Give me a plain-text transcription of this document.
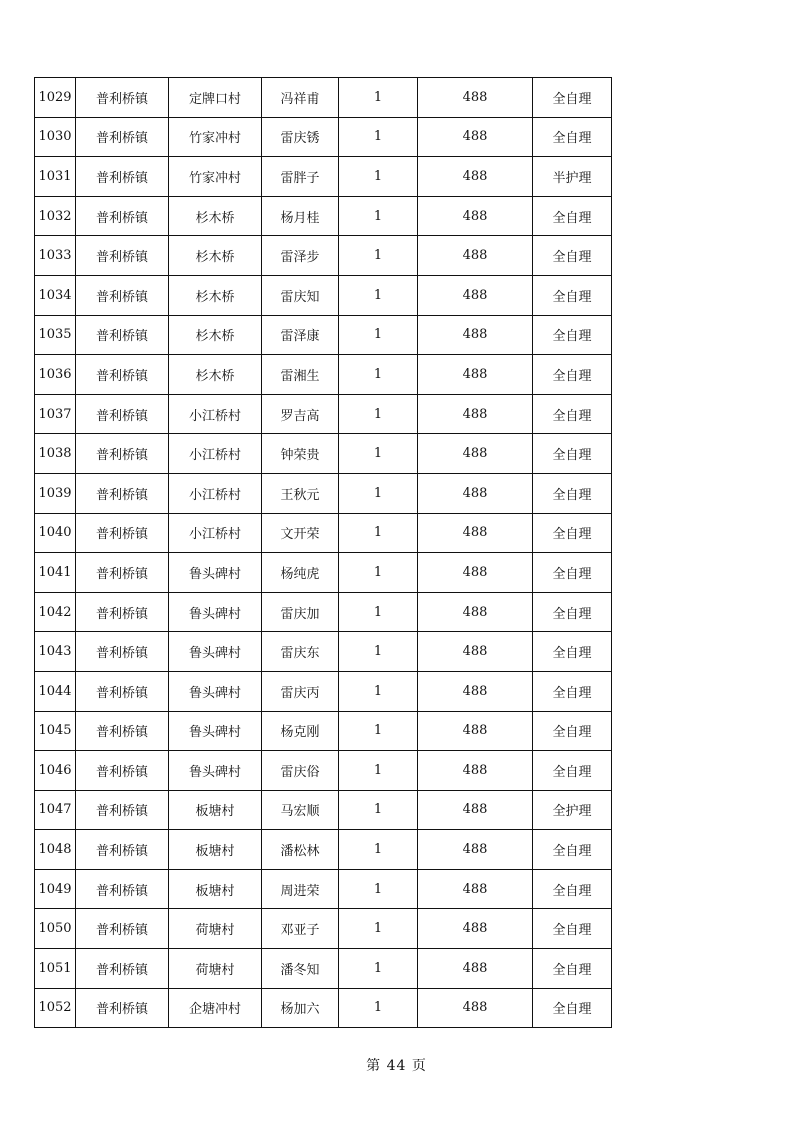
1029	普利桥镇	定牌口村	冯祥甫	1	488	全自理
1030	普利桥镇	竹家冲村	雷庆锈	1	488	全自理
1031	普利桥镇	竹家冲村	雷胖子	1	488	半护理
1032	普利桥镇	杉木桥	杨月桂	1	488	全自理
1033	普利桥镇	杉木桥	雷泽步	1	488	全自理
1034	普利桥镇	杉木桥	雷庆知	1	488	全自理
1035	普利桥镇	杉木桥	雷泽康	1	488	全自理
1036	普利桥镇	杉木桥	雷湘生	1	488	全自理
1037	普利桥镇	小江桥村	罗吉高	1	488	全自理
1038	普利桥镇	小江桥村	钟荣贵	1	488	全自理
1039	普利桥镇	小江桥村	王秋元	1	488	全自理
1040	普利桥镇	小江桥村	文开荣	1	488	全自理
1041	普利桥镇	鲁头碑村	杨纯虎	1	488	全自理
1042	普利桥镇	鲁头碑村	雷庆加	1	488	全自理
1043	普利桥镇	鲁头碑村	雷庆东	1	488	全自理
1044	普利桥镇	鲁头碑村	雷庆丙	1	488	全自理
1045	普利桥镇	鲁头碑村	杨克刚	1	488	全自理
1046	普利桥镇	鲁头碑村	雷庆俗	1	488	全自理
1047	普利桥镇	板塘村	马宏顺	1	488	全护理
1048	普利桥镇	板塘村	潘松林	1	488	全自理
1049	普利桥镇	板塘村	周进荣	1	488	全自理
1050	普利桥镇	荷塘村	邓亚子	1	488	全自理
1051	普利桥镇	荷塘村	潘冬知	1	488	全自理
1052	普利桥镇	企塘冲村	杨加六	1	488	全自理
第 44 页
